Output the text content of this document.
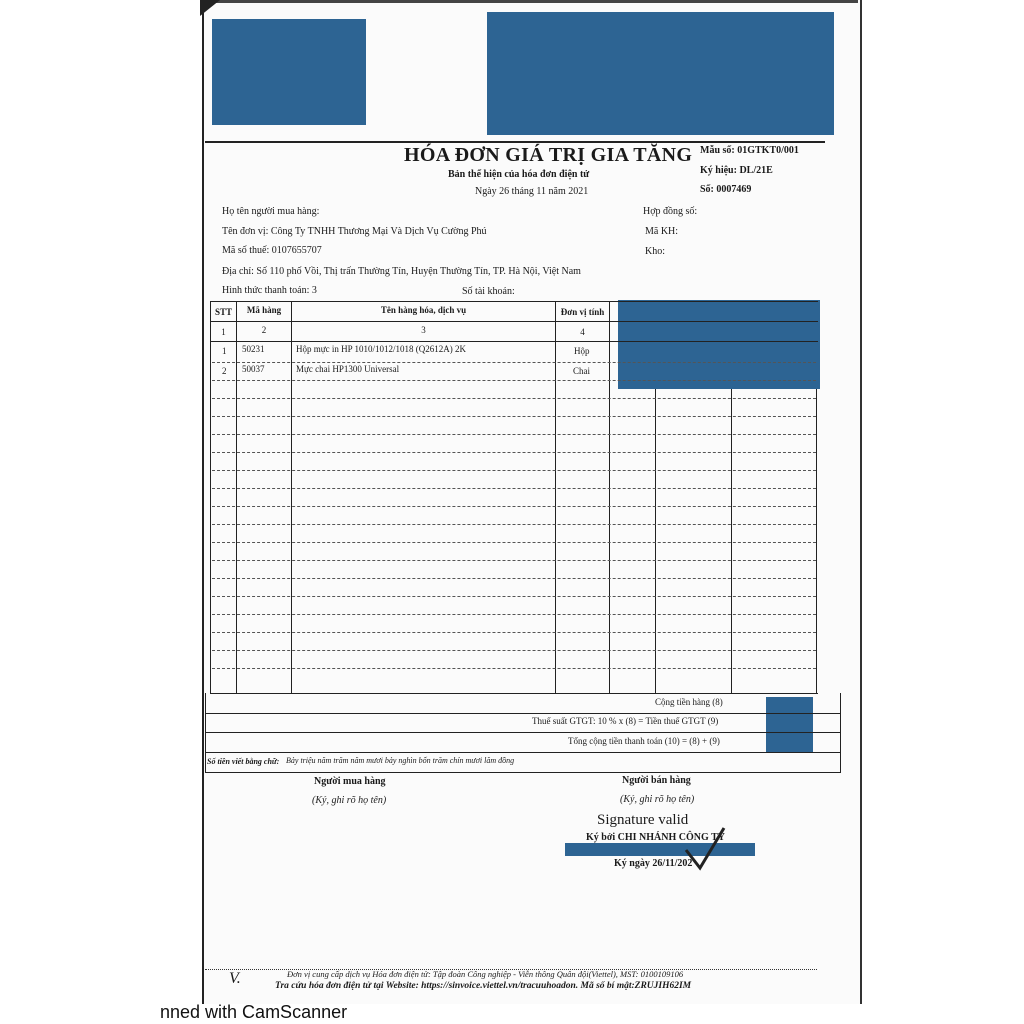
HÓA ĐƠN GIÁ TRỊ GIA TĂNG
Bản thể hiện của hóa đơn điện tử
Ngày 26 tháng 11 năm 2021
Mẫu số: 01GTKT0/001
Ký hiệu: DL/21E
Số: 0007469
Họ tên người mua hàng:
Tên đơn vị: Công Ty TNHH Thương Mại Và Dịch Vụ Cường Phú
Mã số thuế: 0107655707
Địa chỉ: Số 110 phố Vồi, Thị trấn Thường Tín, Huyện Thường Tín, TP. Hà Nội, Việt Nam
Hình thức thanh toán: 3	Số tài khoản:
Hợp đồng số:
Mã KH:
Kho:
STT	Mã hàng	Tên hàng hóa, dịch vụ	Đơn vị tính
1	2	3	4
1 50231	Hộp mực in HP 1010/1012/1018 (Q2612A) 2K	Hộp
2 50037	Mực chai HP1300 Universal	Chai
Cộng tiền hàng (8)
Thuế suất GTGT: 10 % x (8) = Tiền thuế GTGT (9)
Tổng cộng tiền thanh toán (10) = (8) + (9)
Số tiền viết bằng chữ: Bảy triệu năm trăm năm mươi bảy nghìn bốn trăm chín mươi lăm đồng
Người mua hàng
(Ký, ghi rõ họ tên)
Người bán hàng
(Ký, ghi rõ họ tên)
Signature valid
Ký bởi CHI NHÁNH CÔNG TY
Ký ngày 26/11/202
V.	Đơn vị cung cấp dịch vụ Hóa đơn điện tử: Tập đoàn Công nghiệp - Viễn thông Quân đội(Viettel), MST: 0100109106
Tra cứu hóa đơn điện tử tại Website: https://sinvoice.viettel.vn/tracuuhoadon. Mã số bí mật:ZRUJIH62IM
nned with CamScanner
